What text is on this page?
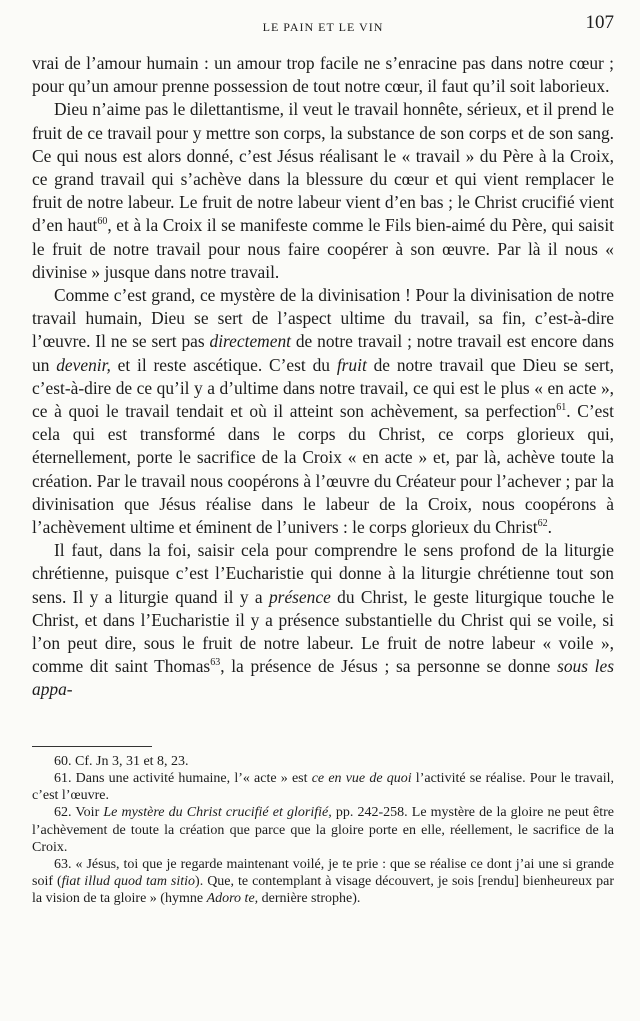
LE PAIN ET LE VIN	107

vrai de l’amour humain : un amour trop facile ne s’enracine pas dans notre cœur ; pour qu’un amour prenne possession de tout notre cœur, il faut qu’il soit laborieux.

Dieu n’aime pas le dilettantisme, il veut le travail honnête, sérieux, et il prend le fruit de ce travail pour y mettre son corps, la substance de son corps et de son sang. Ce qui nous est alors donné, c’est Jésus réalisant le « travail » du Père à la Croix, ce grand travail qui s’achève dans la blessure du cœur et qui vient remplacer le fruit de notre labeur. Le fruit de notre labeur vient d’en bas ; le Christ crucifié vient d’en haut$^{60}$, et à la Croix il se manifeste comme le Fils bien-aimé du Père, qui saisit le fruit de notre travail pour nous faire coopérer à son œuvre. Par là il nous « divinise » jusque dans notre travail.

Comme c’est grand, ce mystère de la divinisation ! Pour la divinisation de notre travail humain, Dieu se sert de l’aspect ultime du travail, sa fin, c’est-à-dire l’œuvre. Il ne se sert pas directement de notre travail ; notre travail est encore dans un devenir, et il reste ascétique. C’est du fruit de notre travail que Dieu se sert, c’est-à-dire de ce qu’il y a d’ultime dans notre travail, ce qui est le plus « en acte », ce à quoi le travail tendait et où il atteint son achèvement, sa perfection$^{61}$. C’est cela qui est transformé dans le corps du Christ, ce corps glorieux qui, éternellement, porte le sacrifice de la Croix « en acte » et, par là, achève toute la création. Par le travail nous coopérons à l’œuvre du Créateur pour l’achever ; par la divinisation que Jésus réalise dans le labeur de la Croix, nous coopérons à l’achèvement ultime et éminent de l’univers : le corps glorieux du Christ$^{62}$.

Il faut, dans la foi, saisir cela pour comprendre le sens profond de la liturgie chrétienne, puisque c’est l’Eucharistie qui donne à la liturgie chrétienne tout son sens. Il y a liturgie quand il y a présence du Christ, le geste liturgique touche le Christ, et dans l’Eucharistie il y a présence substantielle du Christ qui se voile, si l’on peut dire, sous le fruit de notre labeur. Le fruit de notre labeur « voile », comme dit saint Thomas$^{63}$, la présence de Jésus ; sa personne se donne sous les appa-

60. Cf. Jn 3, 31 et 8, 23.

61. Dans une activité humaine, l’« acte » est ce en vue de quoi l’activité se réalise. Pour le travail, c’est l’œuvre.

62. Voir Le mystère du Christ crucifié et glorifié, pp. 242-258. Le mystère de la gloire ne peut être l’achèvement de toute la création que parce que la gloire porte en elle, réellement, le sacrifice de la Croix.

63. « Jésus, toi que je regarde maintenant voilé, je te prie : que se réalise ce dont j’ai une si grande soif (fiat illud quod tam sitio). Que, te contemplant à visage découvert, je sois [rendu] bienheureux par la vision de ta gloire » (hymne Adoro te, dernière strophe).
